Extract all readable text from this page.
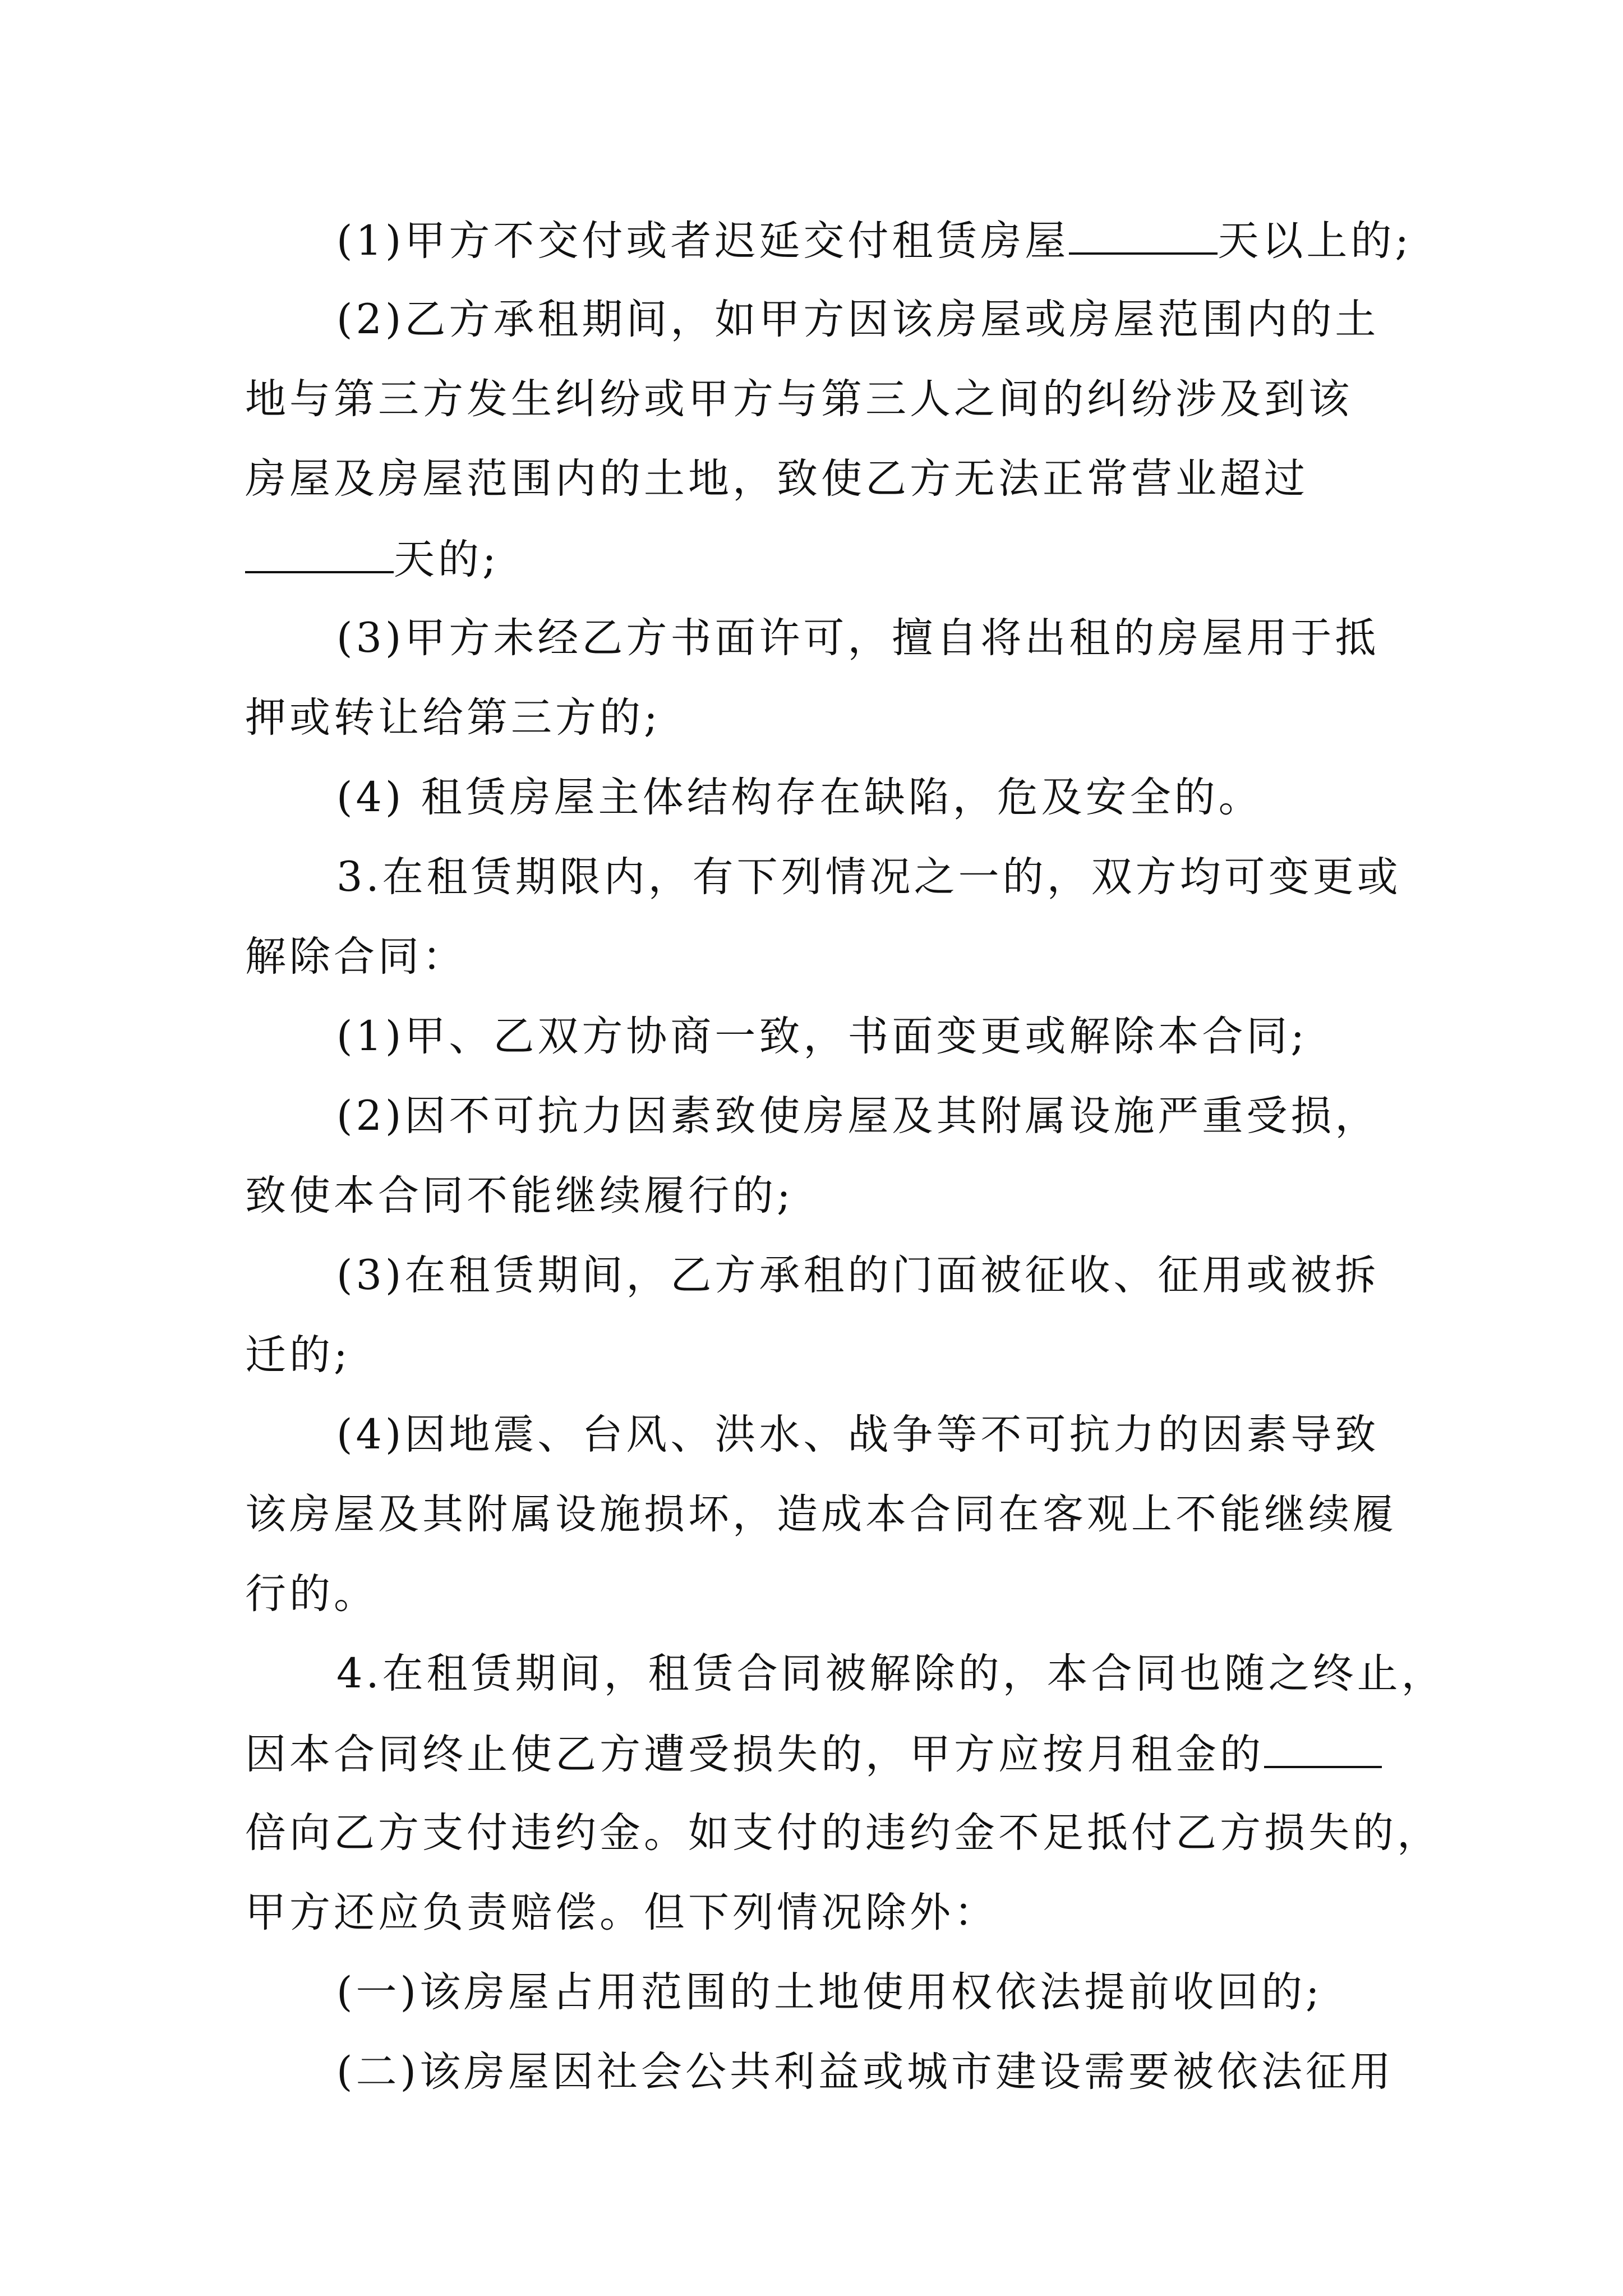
(1)甲方不交付或者迟延交付租赁房屋	天以上的;
(2)乙方承租期间，如甲方因该房屋或房屋范围内的土
地与第三方发生纠纷或甲方与第三人之间的纠纷涉及到该
房屋及房屋范围内的土地，致使乙方无法正常营业超过
天的;
(3)甲方未经乙方书面许可，擅自将出租的房屋用于抵
押或转让给第三方的;
(4) 租赁房屋主体结构存在缺陷，危及安全的。
3.在租赁期限内，有下列情况之一的，双方均可变更或
解除合同：
(1)甲、乙双方协商一致，书面变更或解除本合同;
(2)因不可抗力因素致使房屋及其附属设施严重受损，
致使本合同不能继续履行的;
(3)在租赁期间，乙方承租的门面被征收、征用或被拆
迁的;
(4)因地震、台风、洪水、战争等不可抗力的因素导致
该房屋及其附属设施损坏，造成本合同在客观上不能继续履
行的。
4.在租赁期间，租赁合同被解除的，本合同也随之终止，
因本合同终止使乙方遭受损失的，甲方应按月租金的
倍向乙方支付违约金。如支付的违约金不足抵付乙方损失的，
甲方还应负责赔偿。但下列情况除外：
(一)该房屋占用范围的土地使用权依法提前收回的;
(二)该房屋因社会公共利益或城市建设需要被依法征用
